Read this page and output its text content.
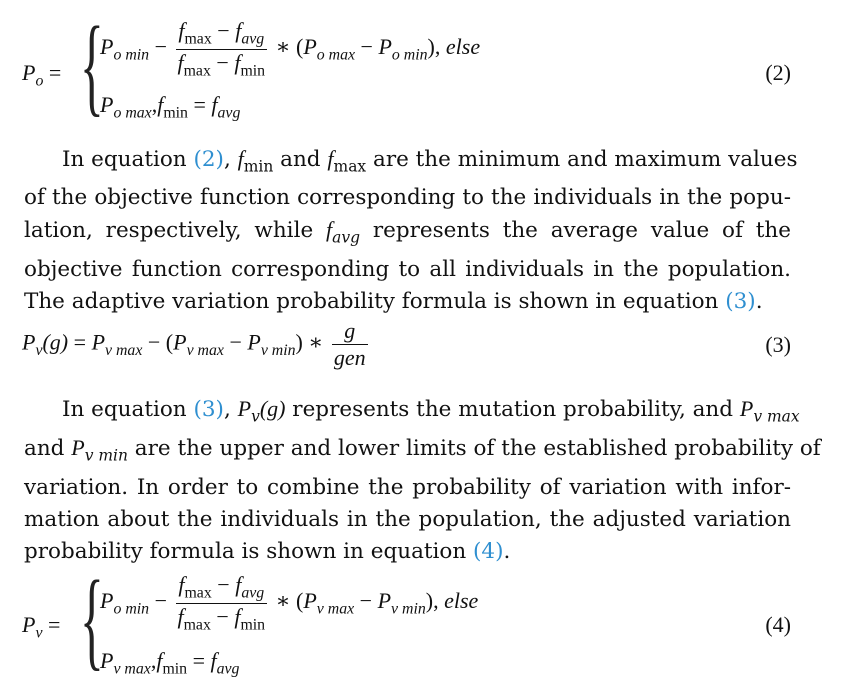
$P_o$ = {
$P_{o min} - \frac{f_{max} - f_{avg}}{f_{max} - f_{min}}$ ∗ $(P_{o max} - P_{o min})$, else
$P_{o max},f_{min} = f_{avg}$
(2)
In equation (2), $f_{min}$ and $f_{max}$ are the minimum and maximum values
of the objective function corresponding to the individuals in the popu-
lation, respectively, while $f_{avg}$ represents the average value of the
objective function corresponding to all individuals in the population.
The adaptive variation probability formula is shown in equation (3).
$P_v(g) = P_{v max} - (P_{v max} - P_{v min})$ ∗ $\frac{g}{\text{gen}}$	(3)
In equation (3), $P_v(g)$ represents the mutation probability, and $P_{v max}$
and $P_{v min}$ are the upper and lower limits of the established probability of
variation. In order to combine the probability of variation with infor-
mation about the individuals in the population, the adjusted variation
probability formula is shown in equation (4).
$P_v$ = {
$P_{o min} - \frac{f_{max} - f_{avg}}{f_{max} - f_{min}}$ ∗ $(P_{v max} - P_{v min})$, else
$P_{v max},f_{min} = f_{avg}$
(4)
